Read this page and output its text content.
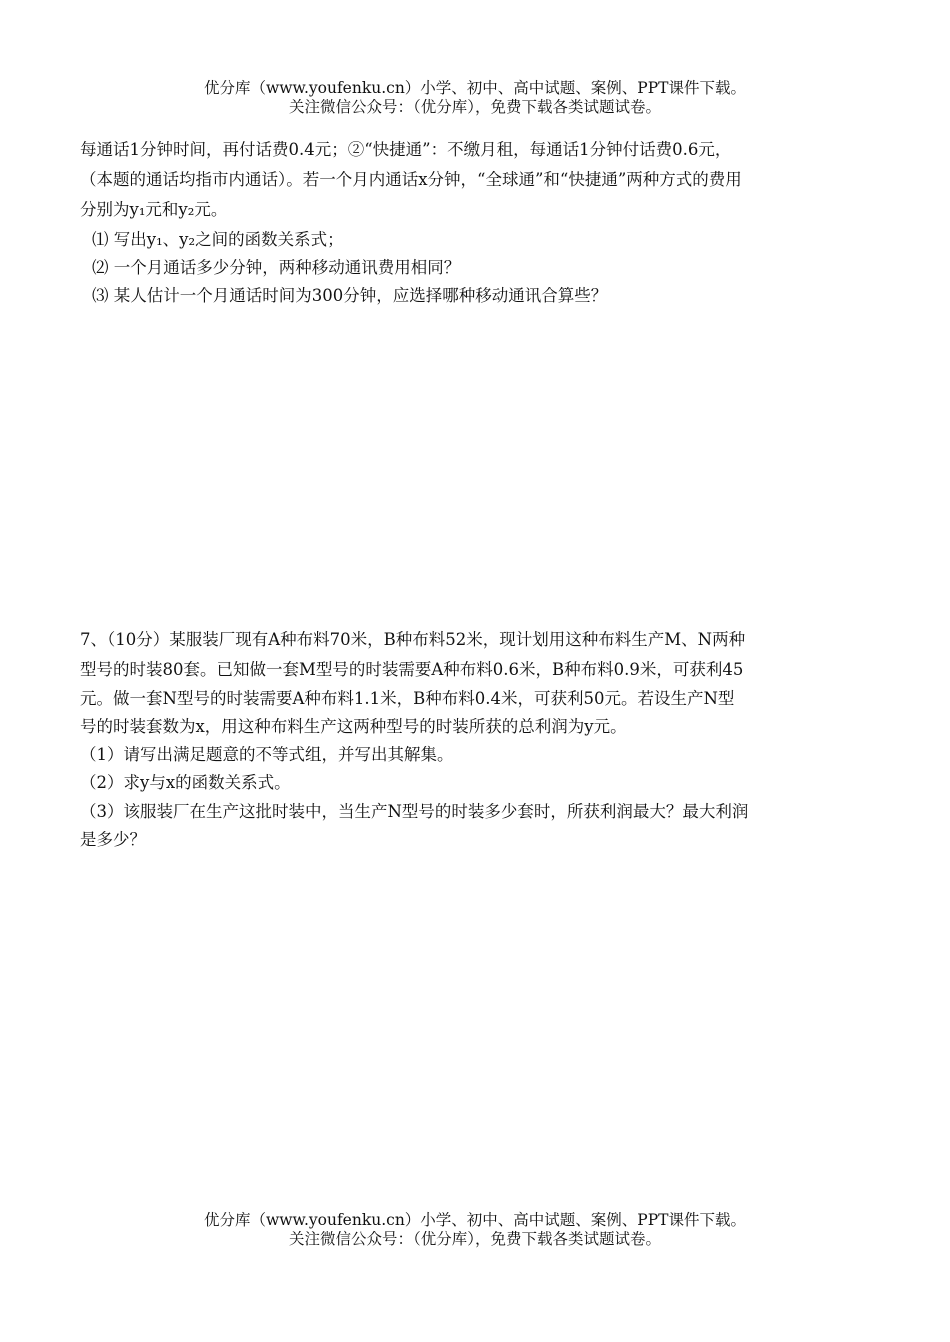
优分库（www.youfenku.cn）小学、初中、高中试题、案例、PPT课件下载。
关注微信公众号：（优分库），免费下载各类试题试卷。
每通话1分钟时间，再付话费0.4元；②“快捷通”：不缴月租，每通话1分钟付话费0.6元，
（本题的通话均指市内通话）。若一个月内通话x分钟，“全球通”和“快捷通”两种方式的费用
分别为y₁元和y₂元。
⑴ 写出y₁、y₂之间的函数关系式；
⑵ 一个月通话多少分钟，两种移动通讯费用相同？
⑶ 某人估计一个月通话时间为300分钟，应选择哪种移动通讯合算些？
7、（10分）某服装厂现有A种布料70米，B种布料52米，现计划用这种布料生产M、N两种
型号的时装80套。已知做一套M型号的时装需要A种布料0.6米，B种布料0.9米，可获利45
元。做一套N型号的时装需要A种布料1.1米，B种布料0.4米，可获利50元。若设生产N型
号的时装套数为x，用这种布料生产这两种型号的时装所获的总利润为y元。
（1）请写出满足题意的不等式组，并写出其解集。
（2）求y与x的函数关系式。
（3）该服装厂在生产这批时装中，当生产N型号的时装多少套时，所获利润最大？最大利润
是多少？
优分库（www.youfenku.cn）小学、初中、高中试题、案例、PPT课件下载。
关注微信公众号：（优分库），免费下载各类试题试卷。
